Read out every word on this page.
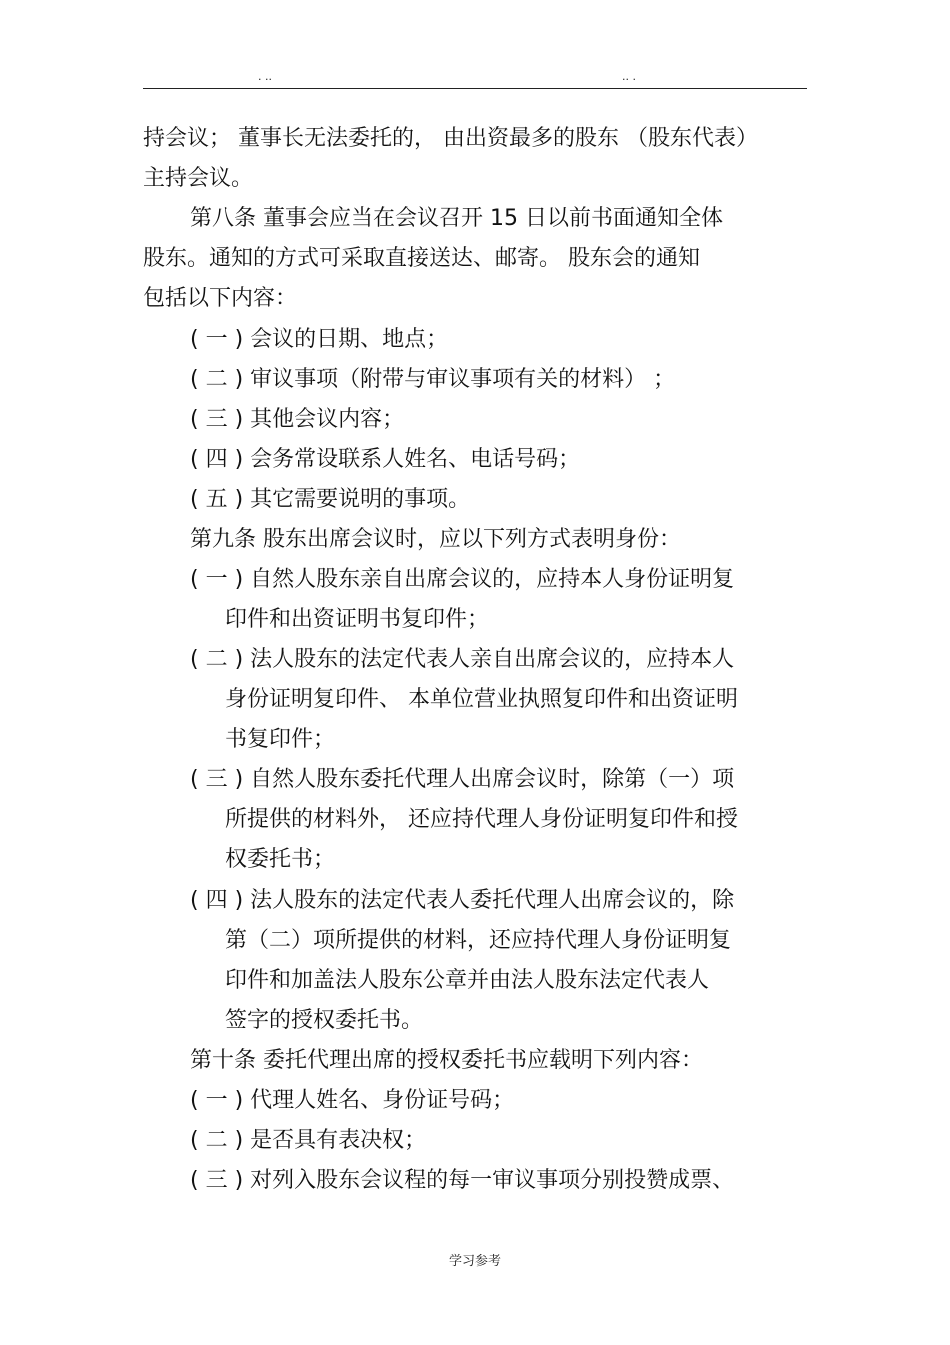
. ..	.. .
持会议； 董事长无法委托的， 由出资最多的股东 （股东代表）
主持会议。
第八条 董事会应当在会议召开 15 日以前书面通知全体
股东。通知的方式可采取直接送达、邮寄。 股东会的通知
包括以下内容：
( 一 ) 会议的日期、地点；
( 二 ) 审议事项（附带与审议事项有关的材料） ；
( 三 ) 其他会议内容；
( 四 ) 会务常设联系人姓名、电话号码；
( 五 ) 其它需要说明的事项。
第九条 股东出席会议时，应以下列方式表明身份：
( 一 ) 自然人股东亲自出席会议的，应持本人身份证明复
印件和出资证明书复印件；
( 二 ) 法人股东的法定代表人亲自出席会议的，应持本人
身份证明复印件、 本单位营业执照复印件和出资证明
书复印件；
( 三 ) 自然人股东委托代理人出席会议时，除第（一）项
所提供的材料外， 还应持代理人身份证明复印件和授
权委托书；
( 四 ) 法人股东的法定代表人委托代理人出席会议的，除
第（二）项所提供的材料，还应持代理人身份证明复
印件和加盖法人股东公章并由法人股东法定代表人
签字的授权委托书。
第十条 委托代理出席的授权委托书应载明下列内容：
( 一 ) 代理人姓名、身份证号码；
( 二 ) 是否具有表决权；
( 三 ) 对列入股东会议程的每一审议事项分别投赞成票、
学习参考
